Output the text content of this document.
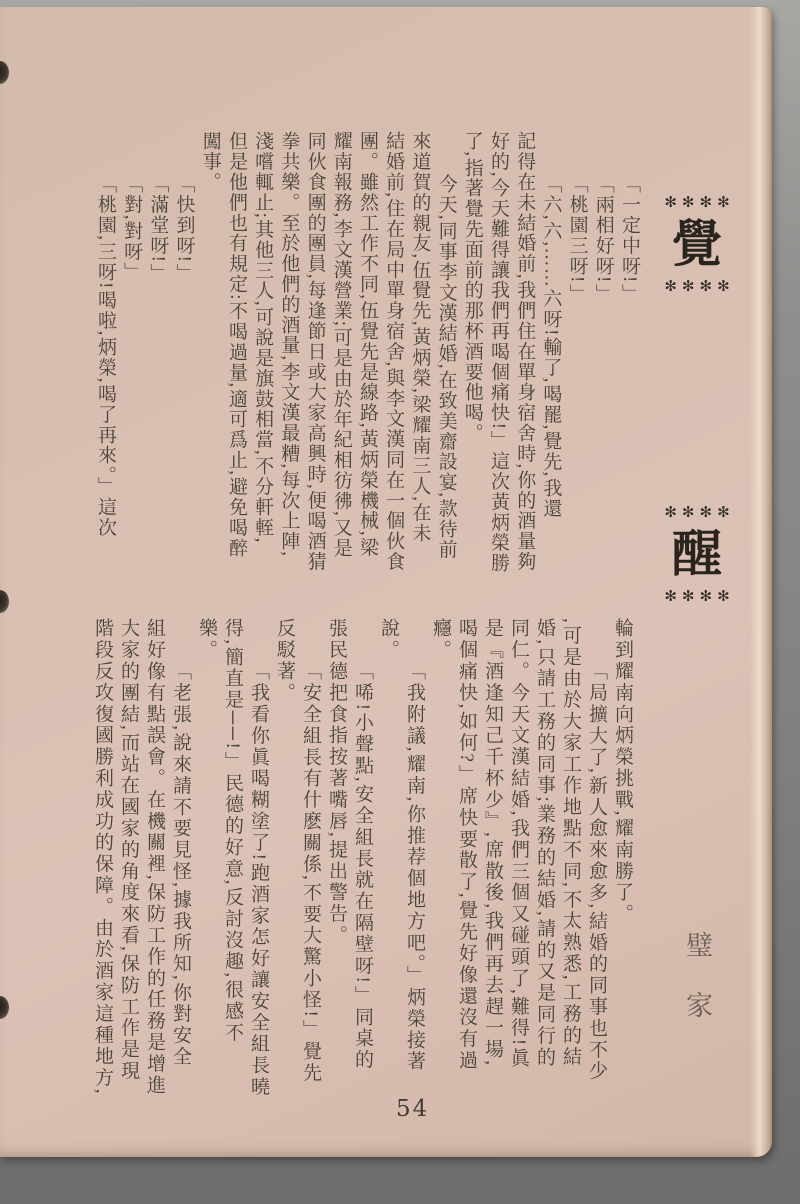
✻✻✻✻
覺
✻✻✻✻
✻✻✻✻
醒
✻✻✻✻
璧家

「一定中呀!」

「兩相好呀!」

「桃園三呀!」

「六,六,……六呀!輸了,喝罷,覺先,我還

記得在未結婚前,我們住在單身宿舍時,你的酒量夠

好的,今天難得讓我們再喝個痛快!」這次黃炳榮勝

了,指著覺先面前的那杯酒要他喝。

今天,同事李文漢結婚,在致美齋設宴,款待前

來道賀的親友,伍覺先,黃炳榮,梁耀南三人,在未

結婚前,住在局中單身宿舍,與李文漢同在一個伙食

團。雖然工作不同,伍覺先是線路,黃炳榮機械,梁

耀南報務,李文漢營業;可是由於年紀相彷彿,又是

同伙食團的團員,每逢節日或大家高興時,便喝酒猜

拳共樂。至於他們的酒量,李文漢最糟,每次上陣,

淺嚐輒止;其他三人,可說是旗鼓相當,不分軒輊,

但是他們也有規定:不喝過量,適可爲止,避免喝醉

闖事。

「快到呀!」

「滿堂呀!」

「對,對呀」

「桃園,三呀!喝啦,炳榮,喝了再來。」這次

輪到耀南向炳榮挑戰,耀南勝了。

「局擴大了,新人愈來愈多,結婚的同事也不少

,可是由於大家工作地點不同,不太熟悉,工務的結

婚,只請工務的同事;業務的結婚,請的又是同行的

同仁。今天文漢結婚,我們三個又碰頭了,難得!眞

是『酒逢知己千杯少』,席散後,我們再去趕一場,

喝個痛快,如何?」席快要散了,覺先好像還沒有過

癮。

「我附議,耀南,你推荐個地方吧。」炳榮接著

說。

「唏!小聲點,安全組長就在隔壁呀!」同桌的

張民德把食指按著嘴唇,提出警告。

「安全組長有什麽關係,不要大驚小怪!」覺先

反駁著。

「我看你眞喝糊塗了!跑酒家怎好讓安全組長曉

得,簡直是──!」民德的好意,反討沒趣,很感不

樂。

「老張,說來請不要見怪,據我所知,你對安全

組好像有點誤會。在機關裡,保防工作的任務是增進

大家的團結,而站在國家的角度來看,保防工作是現

階段反攻復國勝利成功的保障。由於酒家這種地方,

54
